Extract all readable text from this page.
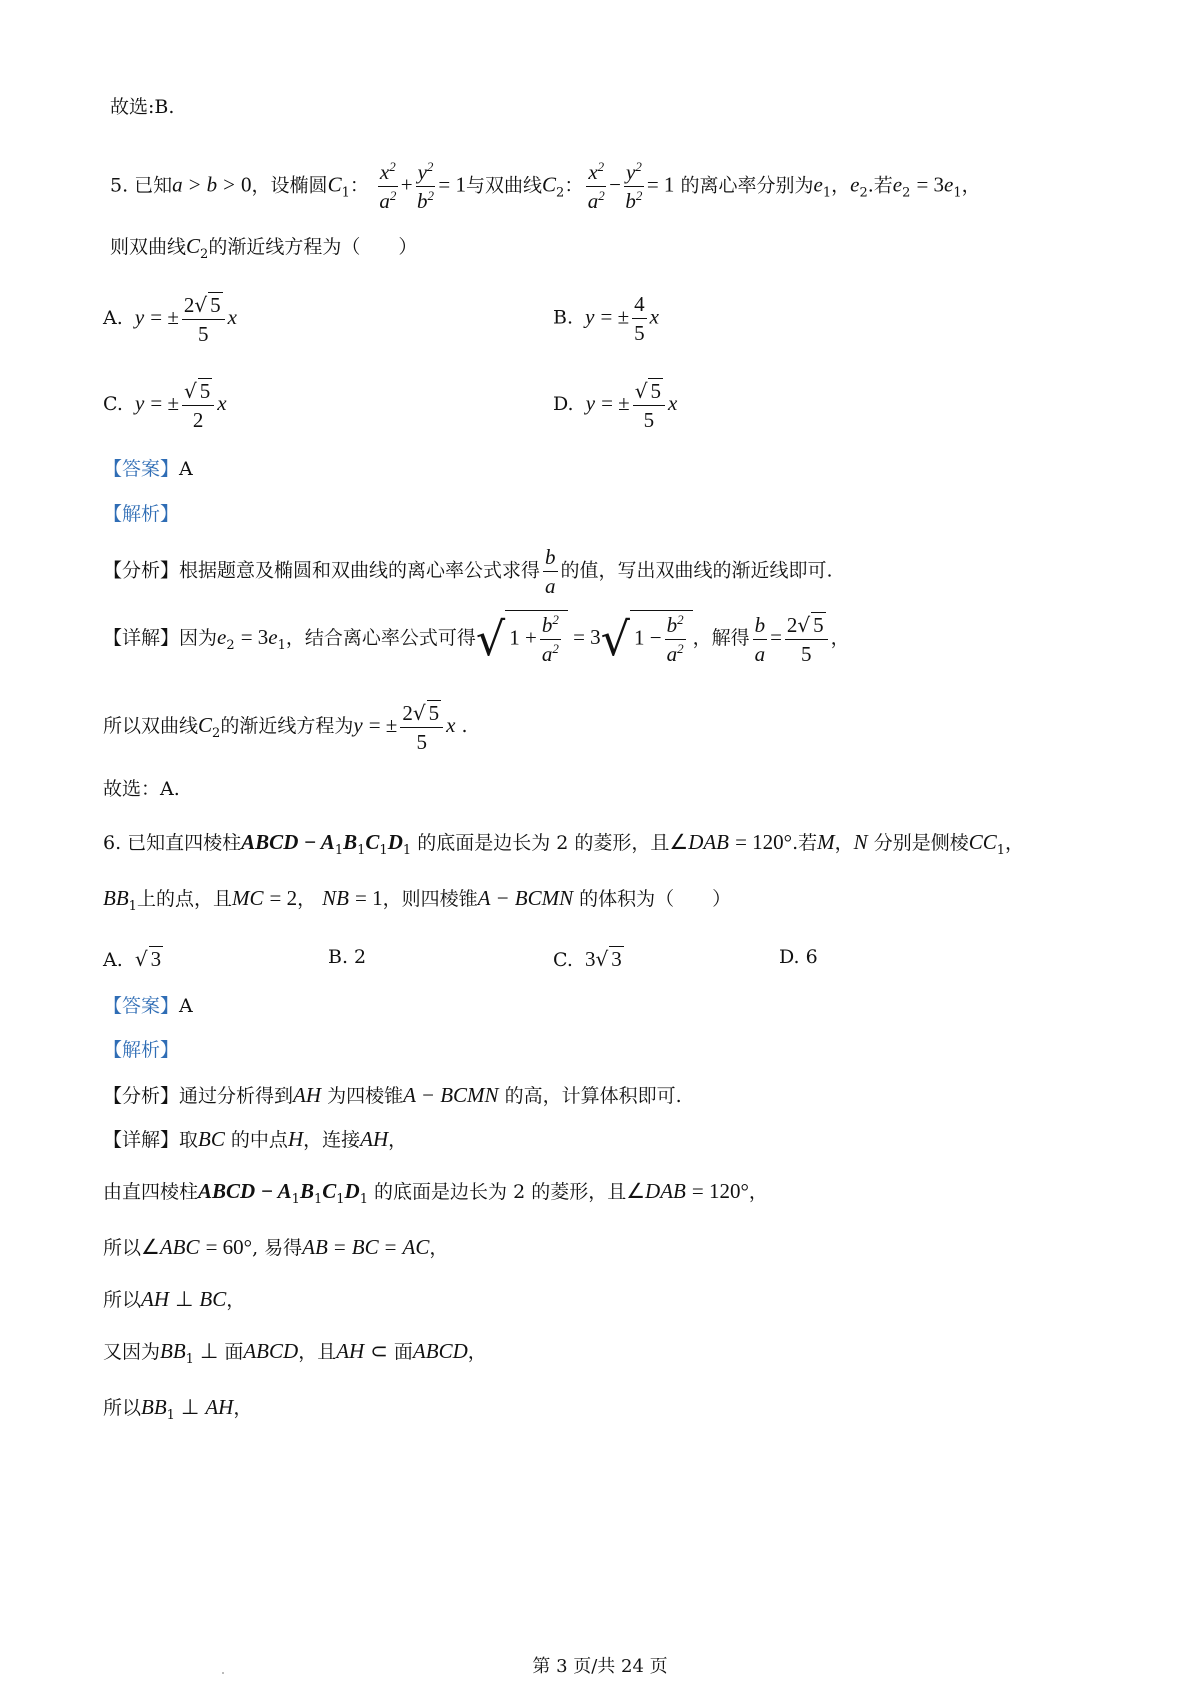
故选:B.
5. 已知a > b > 0，设椭圆$C_1$： $\frac{x^2}{a^2} + \frac{y^2}{b^2} = 1$与双曲线$C_2$： $\frac{x^2}{a^2} - \frac{y^2}{b^2} = 1$ 的离心率分别为$e_1$，$e_2$.若$e_2 = 3e_1$，
则双曲线$C_2$的渐近线方程为（　　）
A. y = ± $\frac{2√ 5}{5}$ x	B. y = ± $\frac{4}{5}$ x
C. y = ± $\frac{√ 5}{2}$ x	D. y = ± $\frac{√ 5}{5}$ x
【答案】A
【解析】
【分析】根据题意及椭圆和双曲线的离心率公式求得 $\frac{b}{a}$ 的值，写出双曲线的渐近线即可.
【详解】因为$e_2 = 3e_1$，结合离心率公式可得√ $1 + \frac{b^2}{a^2} = 3√$ $1 - \frac{b^2}{a^2}$ ，解得 $\frac{b}{a} = \frac{2√ 5}{5}$ ，
所以双曲线$C_2$的渐近线方程为y = ± $\frac{2√ 5}{5}$ x .
故选：A.
6. 已知直四棱柱ABCD − $A_1B_1C_1D_1$ 的底面是边长为 2 的菱形，且∠DAB = 120°.若M，N 分别是侧棱$CC_1$，
$BB_1$上的点，且MC = 2， NB = 1，则四棱锥A − BCMN 的体积为（　　）
A. √ 3	B. 2	C. 3√ 3	D. 6
【答案】A
【解析】
【分析】通过分析得到AH 为四棱锥A − BCMN 的高，计算体积即可.
【详解】取BC 的中点H，连接AH，
由直四棱柱ABCD − $A_1B_1C_1D_1$ 的底面是边长为 2 的菱形，且∠DAB = 120°，
所以∠ABC = 60°, 易得AB = BC = AC，
所以AH ⊥ BC，
又因为$BB_1$ ⊥ 面ABCD，且AH ⊂ 面ABCD，
所以$BB_1$ ⊥ AH，
第 3 页/共 24 页
